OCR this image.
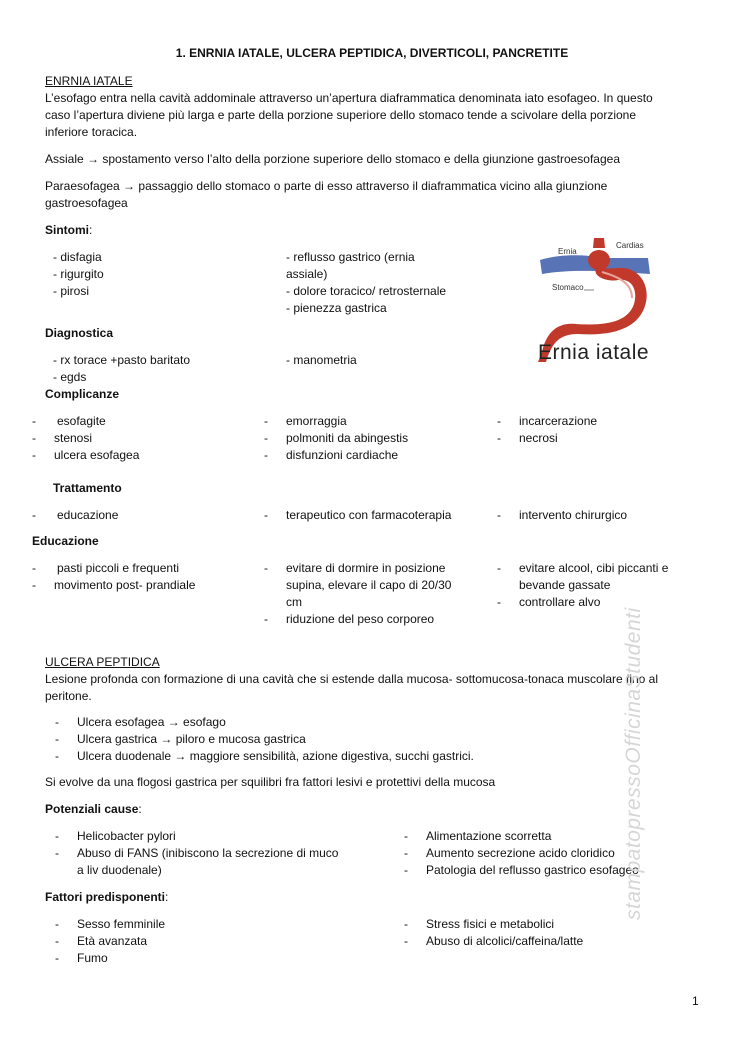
1. ENRNIA IATALE, ULCERA PEPTIDICA, DIVERTICOLI, PANCRETITE
ENRNIA IATALE
L’esofago entra nella cavità addominale attraverso un’apertura diaframmatica denominata iato esofageo. In questo
caso l’apertura diviene più larga e parte della porzione superiore dello stomaco tende a scivolare della porzione
inferiore toracica.
Assiale → spostamento verso l’alto della porzione superiore dello stomaco e della giunzione gastroesofagea
Paraesofagea → passaggio dello stomaco o parte di esso attraverso il diaframmatica vicino alla giunzione
gastroesofagea
Sintomi:
- disfagia
- rigurgito
- pirosi
- reflusso gastrico (ernia
assiale)
- dolore toracico/ retrosternale
- pienezza gastrica
Ernia
Cardias
Stomaco
Ernia iatale
Diagnostica
- rx torace +pasto baritato
- egds
- manometria
Complicanze
- esofagite
- stenosi
- ulcera esofagea
- emorraggia
- polmoniti da abingestis
- disfunzioni cardiache
- incarcerazione
- necrosi
Trattamento
- educazione	- terapeutico con farmacoterapia	- intervento chirurgico
Educazione
- pasti piccoli e frequenti
- movimento post- prandiale
- evitare di dormire in posizione
supina, elevare il capo di 20/30
cm
- riduzione del peso corporeo
- evitare alcool, cibi piccanti e
bevande gassate
- controllare alvo
ULCERA PEPTIDICA
Lesione profonda con formazione di una cavità che si estende dalla mucosa- sottomucosa-tonaca muscolare fino al
peritone.
- Ulcera esofagea → esofago
- Ulcera gastrica → piloro e mucosa gastrica
- Ulcera duodenale → maggiore sensibilità, azione digestiva, succhi gastrici.
Si evolve da una flogosi gastrica per squilibri fra fattori lesivi e protettivi della mucosa
Potenziali cause:
- Helicobacter pylori
- Abuso di FANS (inibiscono la secrezione di muco
a liv duodenale)
- Alimentazione scorretta
- Aumento secrezione acido cloridico
- Patologia del reflusso gastrico esofageo
Fattori predisponenti:
- Sesso femminile
- Età avanzata
- Fumo
- Stress fisici e metabolici
- Abuso di alcolici/caffeina/latte
stampatopressoOfficinaStudenti
1
